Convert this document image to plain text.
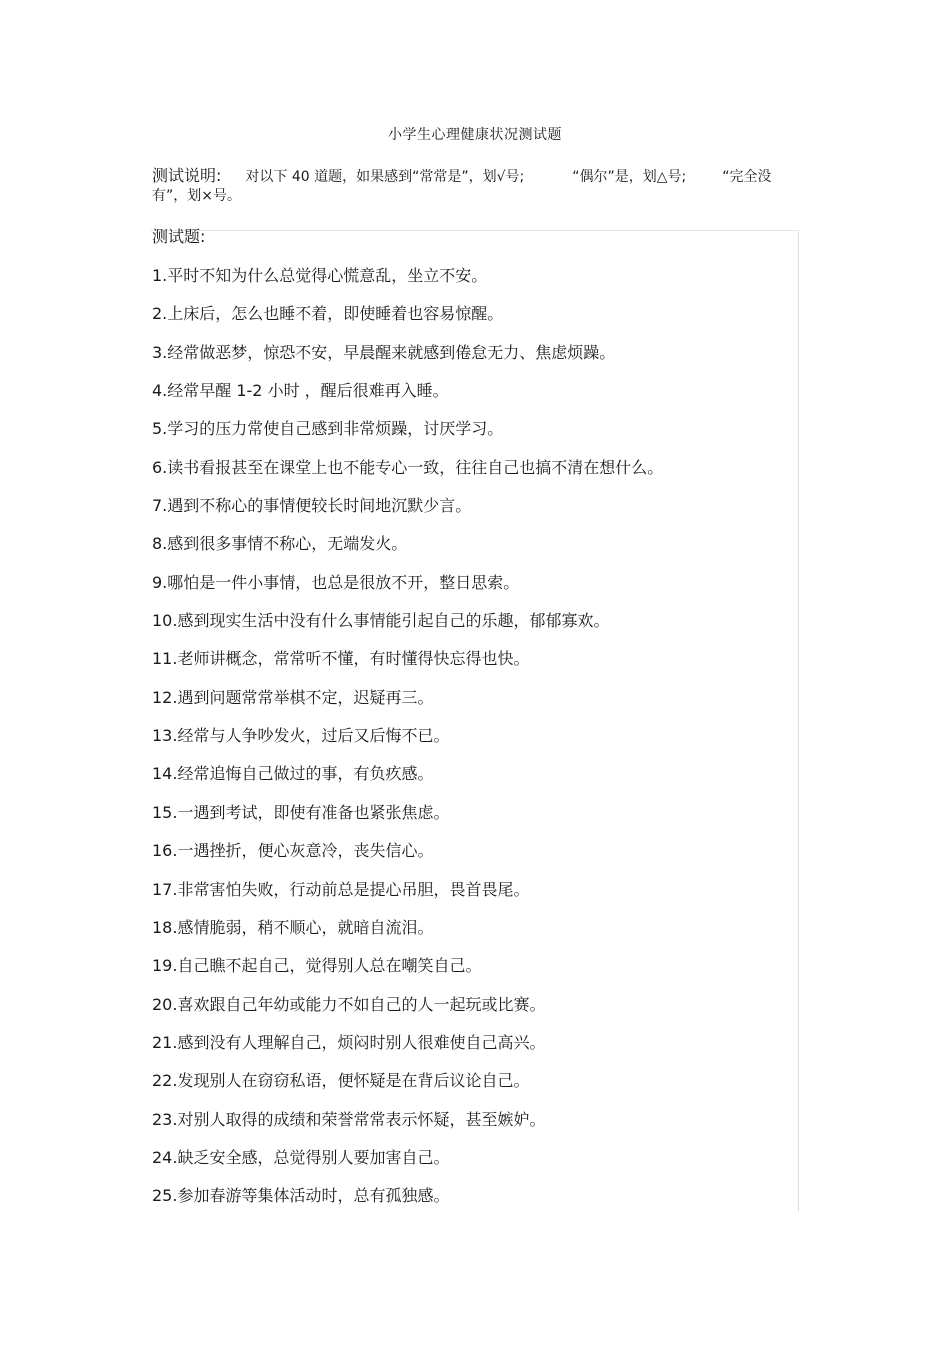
小学生心理健康状况测试题
测试说明: 对以下 40 道题，如果感到“常常是”，划√号;	“偶尔”是，划△号;	“完全没有”，划×号。
测试题:
1.平时不知为什么总觉得心慌意乱，坐立不安。
2.上床后，怎么也睡不着，即使睡着也容易惊醒。
3.经常做恶梦，惊恐不安，早晨醒来就感到倦怠无力、焦虑烦躁。
4.经常早醒 1-2 小时 ，醒后很难再入睡。
5.学习的压力常使自己感到非常烦躁，讨厌学习。
6.读书看报甚至在课堂上也不能专心一致，往往自己也搞不清在想什么。
7.遇到不称心的事情便较长时间地沉默少言。
8.感到很多事情不称心，无端发火。
9.哪怕是一件小事情，也总是很放不开，整日思索。
10.感到现实生活中没有什么事情能引起自己的乐趣，郁郁寡欢。
11.老师讲概念，常常听不懂，有时懂得快忘得也快。
12.遇到问题常常举棋不定，迟疑再三。
13.经常与人争吵发火，过后又后悔不已。
14.经常追悔自己做过的事，有负疚感。
15.一遇到考试，即使有准备也紧张焦虑。
16.一遇挫折，便心灰意冷，丧失信心。
17.非常害怕失败，行动前总是提心吊胆，畏首畏尾。
18.感情脆弱，稍不顺心，就暗自流泪。
19.自己瞧不起自己，觉得别人总在嘲笑自己。
20.喜欢跟自己年幼或能力不如自己的人一起玩或比赛。
21.感到没有人理解自己，烦闷时别人很难使自己高兴。
22.发现别人在窃窃私语，便怀疑是在背后议论自己。
23.对别人取得的成绩和荣誉常常表示怀疑，甚至嫉妒。
24.缺乏安全感，总觉得别人要加害自己。
25.参加春游等集体活动时，总有孤独感。
